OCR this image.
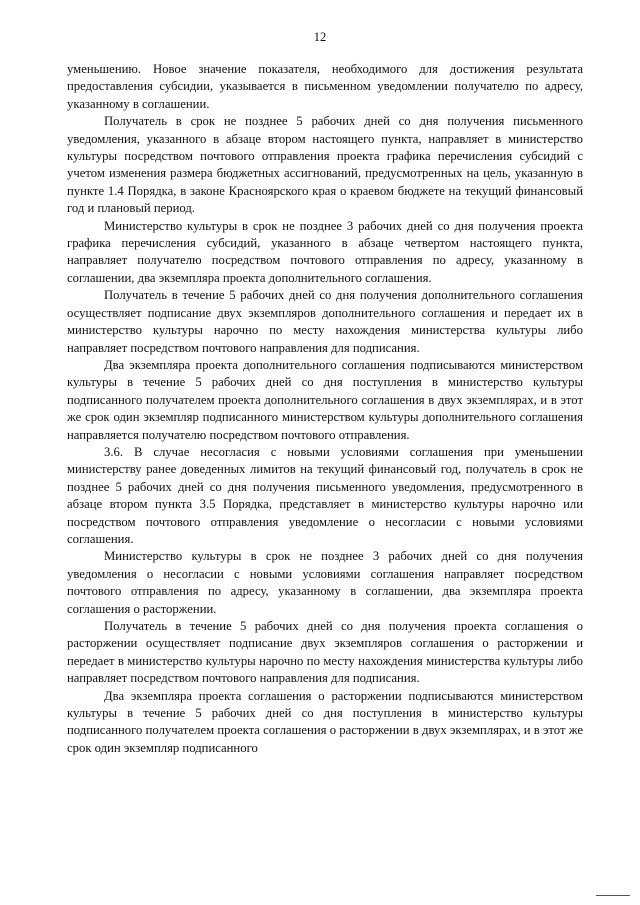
12

уменьшению. Новое значение показателя, необходимого для достижения результата предоставления субсидии, указывается в письменном уведомлении получателю по адресу, указанному в соглашении.

Получатель в срок не позднее 5 рабочих дней со дня получения письменного уведомления, указанного в абзаце втором настоящего пункта, направляет в министерство культуры посредством почтового отправления проекта графика перечисления субсидий с учетом изменения размера бюджетных ассигнований, предусмотренных на цель, указанную в пункте 1.4 Порядка, в законе Красноярского края о краевом бюджете на текущий финансовый год и плановый период.

Министерство культуры в срок не позднее 3 рабочих дней со дня получения проекта графика перечисления субсидий, указанного в абзаце четвертом настоящего пункта, направляет получателю посредством почтового отправления по адресу, указанному в соглашении, два экземпляра проекта дополнительного соглашения.

Получатель в течение 5 рабочих дней со дня получения дополнительного соглашения осуществляет подписание двух экземпляров дополнительного соглашения и передает их в министерство культуры нарочно по месту нахождения министерства культуры либо направляет посредством почтового направления для подписания.

Два экземпляра проекта дополнительного соглашения подписываются министерством культуры в течение 5 рабочих дней со дня поступления в министерство культуры подписанного получателем проекта дополнительного соглашения в двух экземплярах, и в этот же срок один экземпляр подписанного министерством культуры дополнительного соглашения направляется получателю посредством почтового отправления.

3.6. В случае несогласия с новыми условиями соглашения при уменьшении министерству ранее доведенных лимитов на текущий финансовый год, получатель в срок не позднее 5 рабочих дней со дня получения письменного уведомления, предусмотренного в абзаце втором пункта 3.5 Порядка, представляет в министерство культуры нарочно или посредством почтового отправления уведомление о несогласии с новыми условиями соглашения.

Министерство культуры в срок не позднее 3 рабочих дней со дня получения уведомления о несогласии с новыми условиями соглашения направляет посредством почтового отправления по адресу, указанному в соглашении, два экземпляра проекта соглашения о расторжении.

Получатель в течение 5 рабочих дней со дня получения проекта соглашения о расторжении осуществляет подписание двух экземпляров соглашения о расторжении и передает в министерство культуры нарочно по месту нахождения министерства культуры либо направляет посредством почтового направления для подписания.

Два экземпляра проекта соглашения о расторжении подписываются министерством культуры в течение 5 рабочих дней со дня поступления в министерство культуры подписанного получателем проекта соглашения о расторжении в двух экземплярах, и в этот же срок один экземпляр подписанного
